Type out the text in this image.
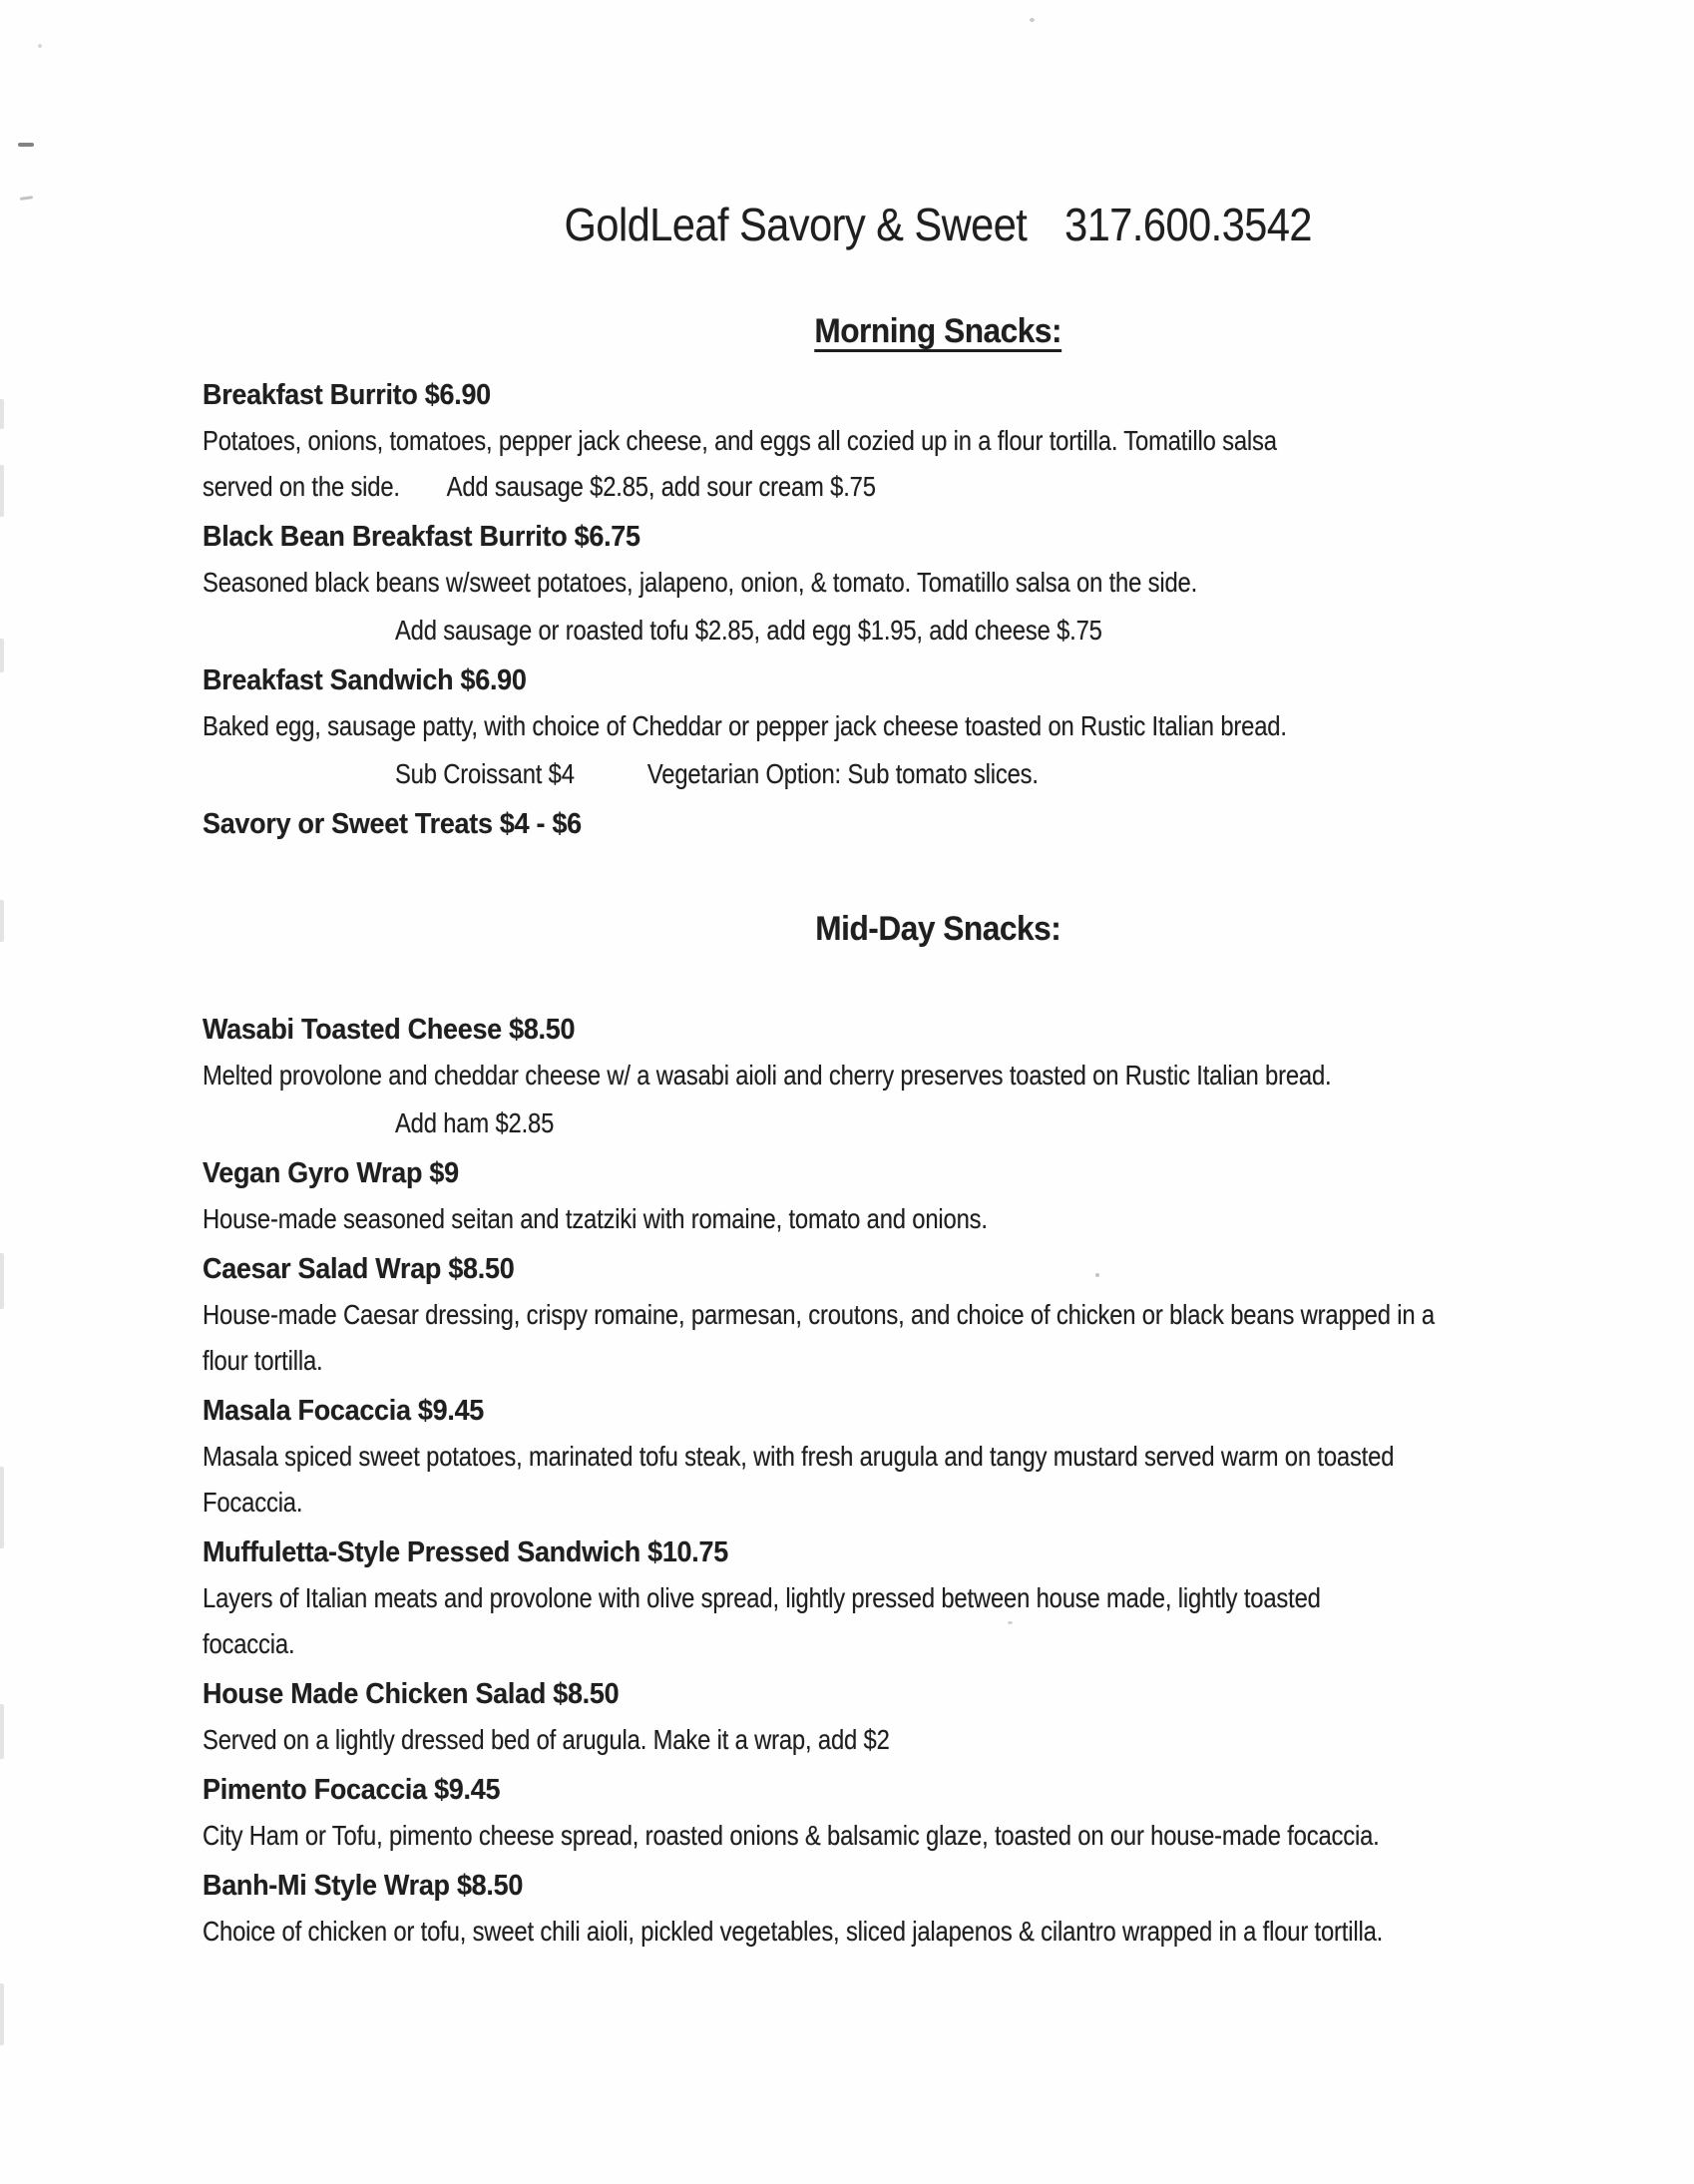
GoldLeaf Savory & Sweet 317.600.3542
Morning Snacks:
Breakfast Burrito $6.90
Potatoes, onions, tomatoes, pepper jack cheese, and eggs all cozied up in a flour tortilla. Tomatillo salsa
served on the side. Add sausage $2.85, add sour cream $.75
Black Bean Breakfast Burrito $6.75
Seasoned black beans w/sweet potatoes, jalapeno, onion, & tomato. Tomatillo salsa on the side.
Add sausage or roasted tofu $2.85, add egg $1.95, add cheese $.75
Breakfast Sandwich $6.90
Baked egg, sausage patty, with choice of Cheddar or pepper jack cheese toasted on Rustic Italian bread.
Sub Croissant $4	Vegetarian Option: Sub tomato slices.
Savory or Sweet Treats $4 - $6
Mid-Day Snacks:
Wasabi Toasted Cheese $8.50
Melted provolone and cheddar cheese w/ a wasabi aioli and cherry preserves toasted on Rustic Italian bread.
Add ham $2.85
Vegan Gyro Wrap $9
House-made seasoned seitan and tzatziki with romaine, tomato and onions.
Caesar Salad Wrap $8.50
House-made Caesar dressing, crispy romaine, parmesan, croutons, and choice of chicken or black beans wrapped in a
flour tortilla.
Masala Focaccia $9.45
Masala spiced sweet potatoes, marinated tofu steak, with fresh arugula and tangy mustard served warm on toasted
Focaccia.
Muffuletta-Style Pressed Sandwich $10.75
Layers of Italian meats and provolone with olive spread, lightly pressed between house made, lightly toasted
focaccia.
House Made Chicken Salad $8.50
Served on a lightly dressed bed of arugula. Make it a wrap, add $2
Pimento Focaccia $9.45
City Ham or Tofu, pimento cheese spread, roasted onions & balsamic glaze, toasted on our house-made focaccia.
Banh-Mi Style Wrap $8.50
Choice of chicken or tofu, sweet chili aioli, pickled vegetables, sliced jalapenos & cilantro wrapped in a flour tortilla.
